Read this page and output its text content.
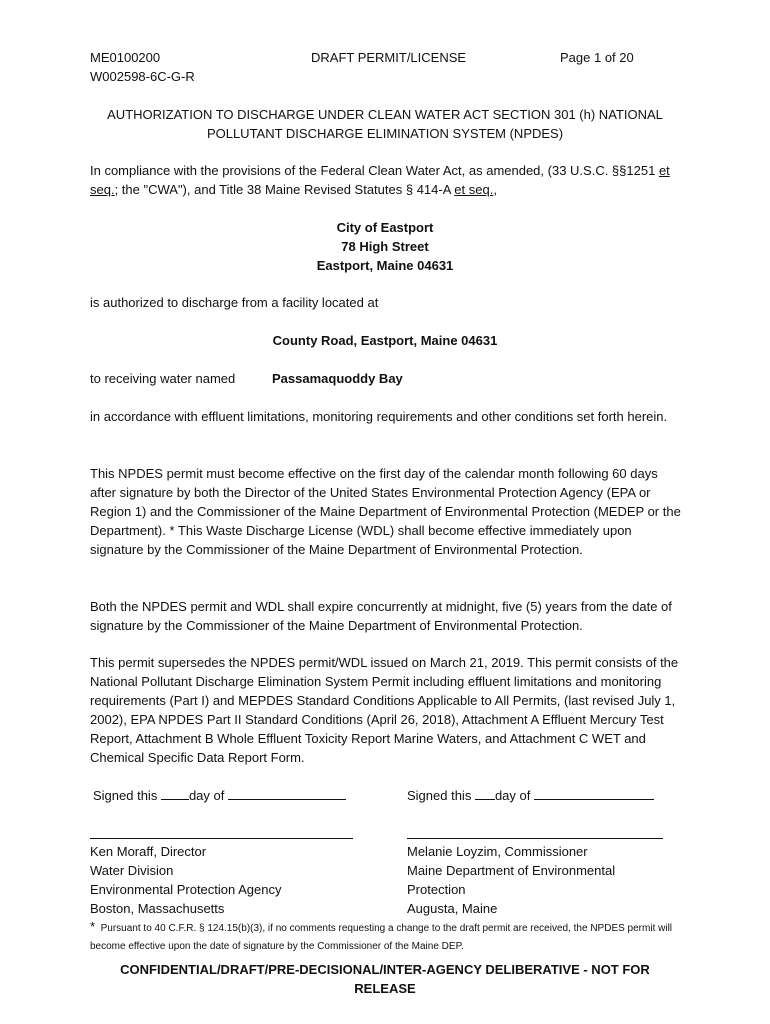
ME0100200	DRAFT PERMIT/LICENSE	Page 1 of 20
W002598-6C-G-R
AUTHORIZATION TO DISCHARGE UNDER CLEAN WATER ACT SECTION 301 (h) NATIONAL
POLLUTANT DISCHARGE ELIMINATION SYSTEM (NPDES)

In compliance with the provisions of the Federal Clean Water Act, as amended, (33 U.S.C. §§1251 et seq.; the "CWA"), and Title 38 Maine Revised Statutes § 414-A et seq.,

City of Eastport
78 High Street
Eastport, Maine 04631

is authorized to discharge from a facility located at

County Road, Eastport, Maine 04631
to receiving water named	Passamaquoddy Bay

in accordance with effluent limitations, monitoring requirements and other conditions set forth herein.

This NPDES permit must become effective on the first day of the calendar month following 60 days after signature by both the Director of the United States Environmental Protection Agency (EPA or Region 1) and the Commissioner of the Maine Department of Environmental Protection (MEDEP or the Department). * This Waste Discharge License (WDL) shall become effective immediately upon signature by the Commissioner of the Maine Department of Environmental Protection.

Both the NPDES permit and WDL shall expire concurrently at midnight, five (5) years from the date of signature by the Commissioner of the Maine Department of Environmental Protection.

This permit supersedes the NPDES permit/WDL issued on March 21, 2019. This permit consists of the National Pollutant Discharge Elimination System Permit including effluent limitations and monitoring requirements (Part I) and MEPDES Standard Conditions Applicable to All Permits, (last revised July 1, 2002), EPA NPDES Part II Standard Conditions (April 26, 2018), Attachment A Effluent Mercury Test Report, Attachment B Whole Effluent Toxicity Report Marine Waters, and Attachment C WET and Chemical Specific Data Report Form.

Signed this day of
Ken Moraff, Director
Water Division
Environmental Protection Agency
Boston, Massachusetts
Signed this day of
Melanie Loyzim, Commissioner
Maine Department of Environmental
Protection
Augusta, Maine
* Pursuant to 40 C.F.R. § 124.15(b)(3), if no comments requesting a change to the draft permit are received, the NPDES permit will become effective upon the date of signature by the Commissioner of the Maine DEP.
CONFIDENTIAL/DRAFT/PRE-DECISIONAL/INTER-AGENCY DELIBERATIVE - NOT FOR RELEASE
